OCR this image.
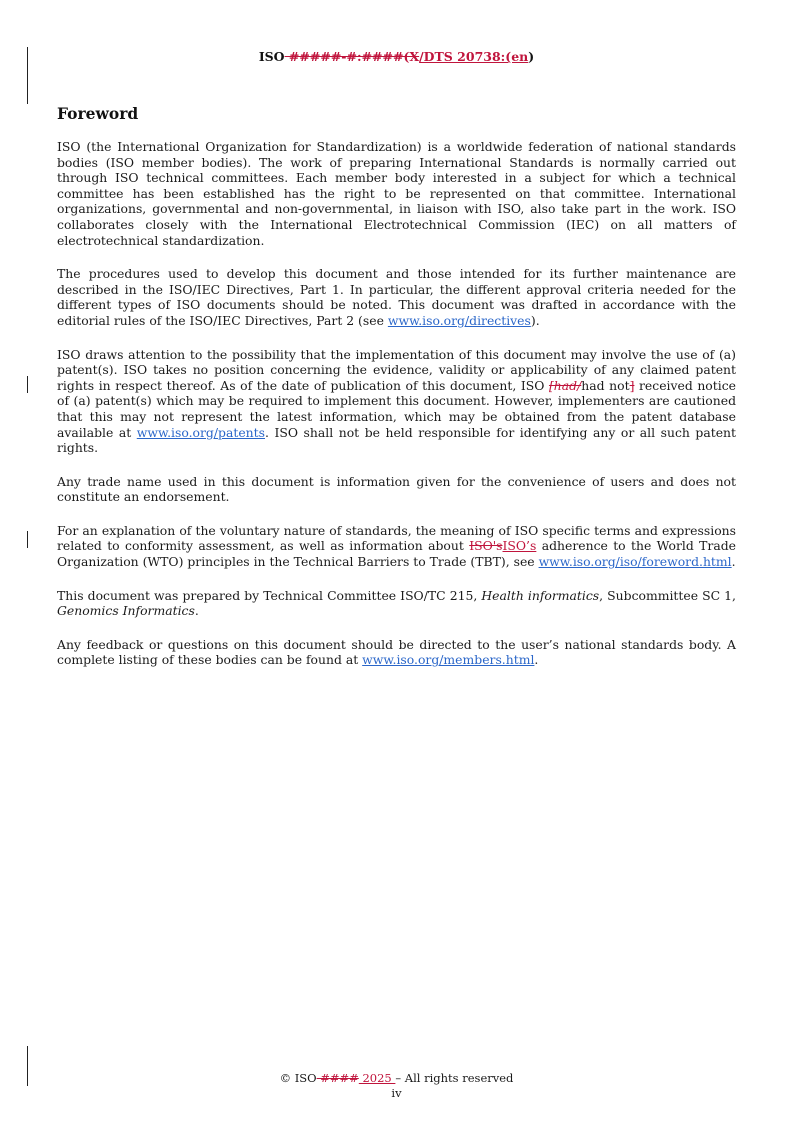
ISO #####-#:####(X/DTS 20738:(en)
Foreword

ISO (the International Organization for Standardization) is a worldwide federation of national standards bodies (ISO member bodies). The work of preparing International Standards is normally carried out through ISO technical committees. Each member body interested in a subject for which a technical committee has been established has the right to be represented on that committee. International organizations, governmental and non-governmental, in liaison with ISO, also take part in the work. ISO collaborates closely with the International Electrotechnical Commission (IEC) on all matters of electrotechnical standardization.

The procedures used to develop this document and those intended for its further maintenance are described in the ISO/IEC Directives, Part 1. In particular, the different approval criteria needed for the different types of ISO documents should be noted. This document was drafted in accordance with the editorial rules of the ISO/IEC Directives, Part 2 (see www.iso.org/directives).

ISO draws attention to the possibility that the implementation of this document may involve the use of (a) patent(s). ISO takes no position concerning the evidence, validity or applicability of any claimed patent rights in respect thereof. As of the date of publication of this document, ISO [had/had not] received notice of (a) patent(s) which may be required to implement this document. However, implementers are cautioned that this may not represent the latest information, which may be obtained from the patent database available at www.iso.org/patents. ISO shall not be held responsible for identifying any or all such patent rights.

Any trade name used in this document is information given for the convenience of users and does not constitute an endorsement.

For an explanation of the voluntary nature of standards, the meaning of ISO specific terms and expressions related to conformity assessment, as well as information about ISO'sISO’s adherence to the World Trade Organization (WTO) principles in the Technical Barriers to Trade (TBT), see www.iso.org/iso/foreword.html.

This document was prepared by Technical Committee ISO/TC 215, Health informatics, Subcommittee SC 1, Genomics Informatics.

Any feedback or questions on this document should be directed to the user’s national standards body. A complete listing of these bodies can be found at www.iso.org/members.html.

© ISO #### 2025 – All rights reserved
iv
